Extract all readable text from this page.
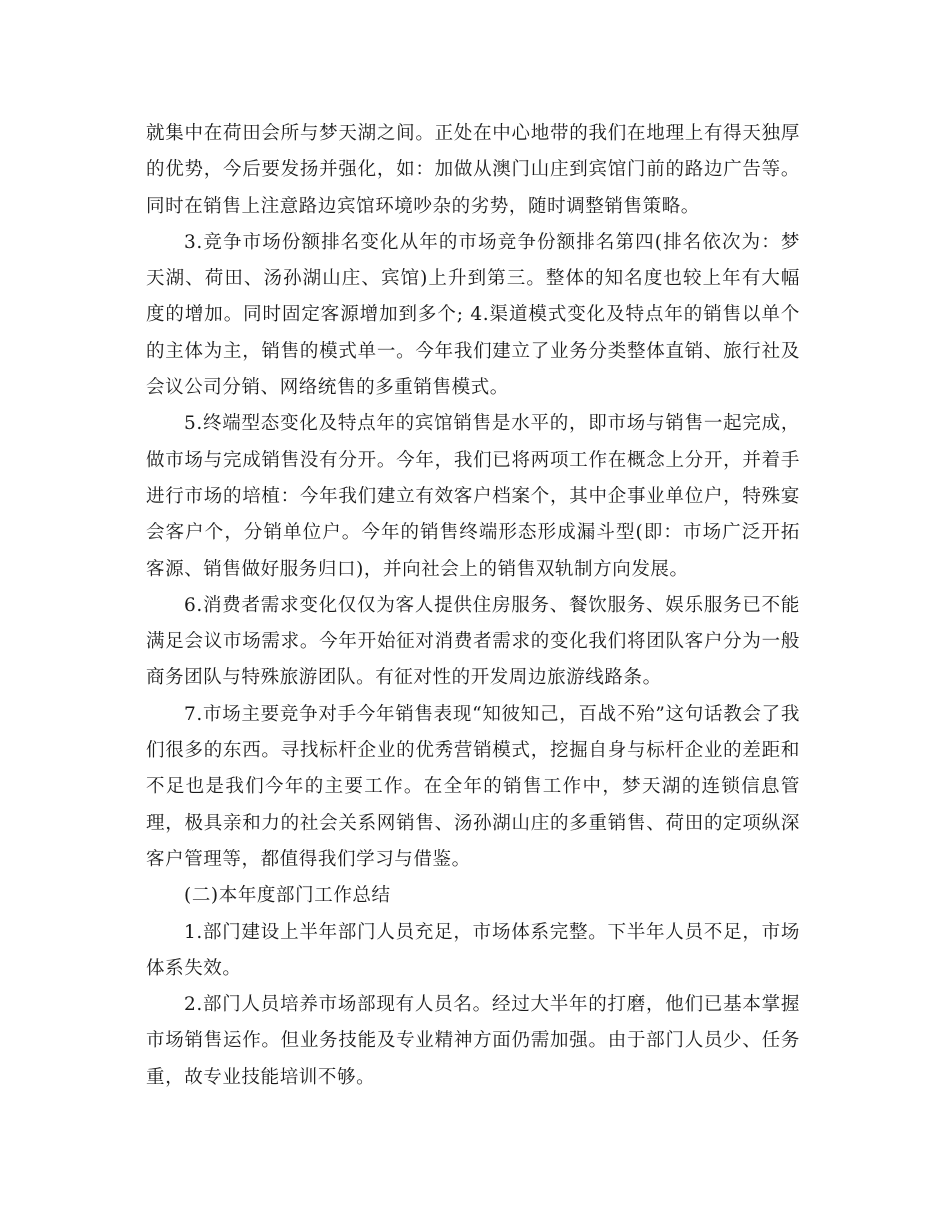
就集中在荷田会所与梦天湖之间。正处在中心地带的我们在地理上有得天独厚的优势，今后要发扬并强化，如：加做从澳门山庄到宾馆门前的路边广告等。同时在销售上注意路边宾馆环境吵杂的劣势，随时调整销售策略。

3.竞争市场份额排名变化从年的市场竞争份额排名第四(排名依次为：梦天湖、荷田、汤孙湖山庄、宾馆)上升到第三。整体的知名度也较上年有大幅度的增加。同时固定客源增加到多个; 4.渠道模式变化及特点年的销售以单个的主体为主，销售的模式单一。今年我们建立了业务分类整体直销、旅行社及会议公司分销、网络统售的多重销售模式。

5.终端型态变化及特点年的宾馆销售是水平的，即市场与销售一起完成，做市场与完成销售没有分开。今年，我们已将两项工作在概念上分开，并着手进行市场的培植：今年我们建立有效客户档案个，其中企事业单位户，特殊宴会客户个，分销单位户。今年的销售终端形态形成漏斗型(即：市场广泛开拓客源、销售做好服务归口)，并向社会上的销售双轨制方向发展。

6.消费者需求变化仅仅为客人提供住房服务、餐饮服务、娱乐服务已不能满足会议市场需求。今年开始征对消费者需求的变化我们将团队客户分为一般商务团队与特殊旅游团队。有征对性的开发周边旅游线路条。

7.市场主要竞争对手今年销售表现“知彼知己，百战不殆”这句话教会了我们很多的东西。寻找标杆企业的优秀营销模式，挖掘自身与标杆企业的差距和不足也是我们今年的主要工作。在全年的销售工作中，梦天湖的连锁信息管理，极具亲和力的社会关系网销售、汤孙湖山庄的多重销售、荷田的定项纵深客户管理等，都值得我们学习与借鉴。

(二)本年度部门工作总结

1.部门建设上半年部门人员充足，市场体系完整。下半年人员不足，市场体系失效。

2.部门人员培养市场部现有人员名。经过大半年的打磨，他们已基本掌握市场销售运作。但业务技能及专业精神方面仍需加强。由于部门人员少、任务重，故专业技能培训不够。
